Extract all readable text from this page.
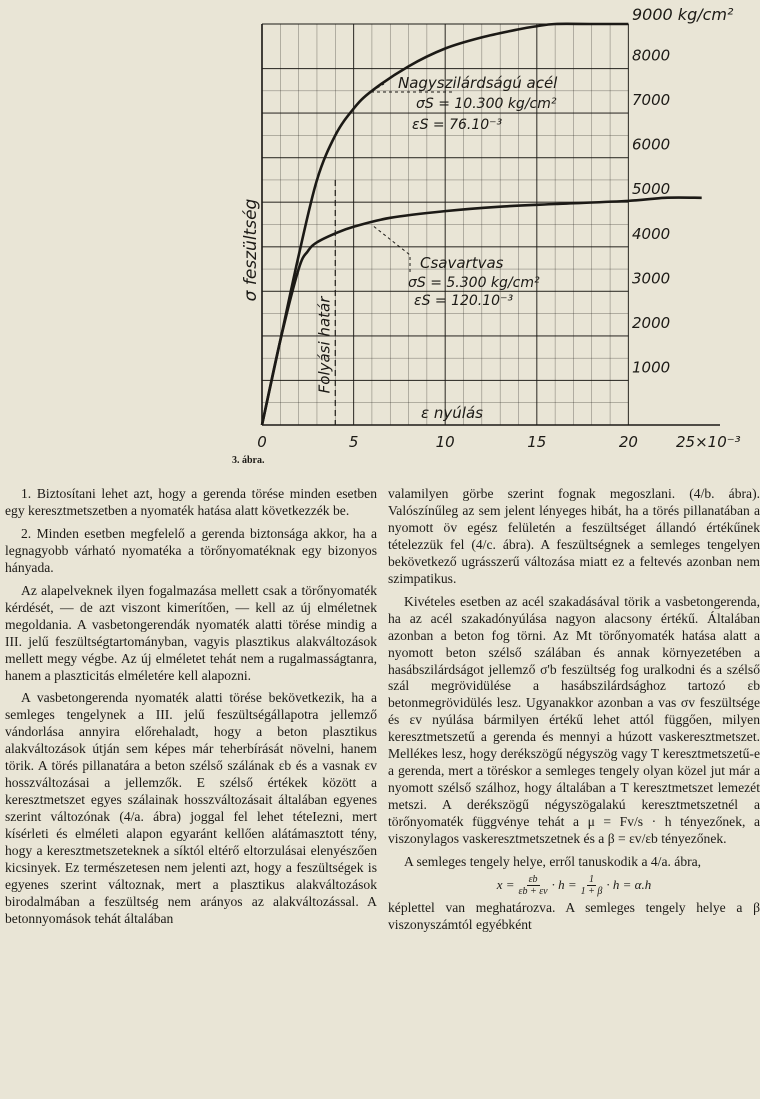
0	5	10	15	20	25×10⁻³
1000
2000
3000
4000
5000
6000
7000
8000
9000 kg/cm²
ε nyúlás
σ feszültség
Folyási határ
Nagyszilárdságú acél
σS = 10.300 kg/cm²
εS = 76.10⁻³
Csavartvas
σS = 5.300 kg/cm²
εS = 120.10⁻³
3. ábra.

1. Biztosítani lehet azt, hogy a gerenda törése minden esetben egy keresztmetszetben a nyomaték hatása alatt következzék be.

2. Minden esetben megfelelő a gerenda biztonsága akkor, ha a legnagyobb várható nyomatéka a törőnyomatéknak egy bizonyos hányada.

Az alapelveknek ilyen fogalmazása mellett csak a törőnyomaték kérdését, — de azt viszont kimerítően, — kell az új elméletnek megoldania. A vasbetongerendák nyomaték alatti törése mindig a III. jelű feszültségtartományban, vagyis plasztikus alakváltozások mellett megy végbe. Az új elméletet tehát nem a rugalmasságtanra, hanem a plaszticitás elméletére kell alapozni.

A vasbetongerenda nyomaték alatti törése bekövetkezik, ha a semleges tengelynek a III. jelű feszültségállapotra jellemző vándorlása annyira előrehaladt, hogy a beton plasztikus alakváltozások útján sem képes már teherbírását növelni, hanem törik. A törés pillanatára a beton szélső szálának εb és a vasnak εv hosszváltozásai a jellemzők. E szélső értékek között a keresztmetszet egyes szálainak hosszváltozásait általában egyenes szerint változónak (4/a. ábra) joggal fel lehet téteIezni, mert kísérleti és elméleti alapon egyaránt kellően alátámasztott tény, hogy a keresztmetszeteknek a síktól eltérő eltorzulásai elenyészően kicsinyek. Ez természetesen nem jelenti azt, hogy a feszültségek is egyenes szerint változnak, mert a plasztikus alakváltozások birodalmában a feszültség nem arányos az alakváltozással. A betonnyomások tehát általában

valamilyen görbe szerint fognak megoszlani. (4/b. ábra). Valószínűleg az sem jelent lényeges hibát, ha a törés pillanatában a nyomott öv egész felületén a feszültséget állandó értékűnek tételezzük fel (4/c. ábra). A feszültségnek a semleges tengelyen bekövetkező ugrásszerű változása miatt ez a feltevés azonban nem szimpatikus.

Kivételes esetben az acél szakadásával törik a vasbetongerenda, ha az acél szakadónyúlása nagyon alacsony értékű. Általában azonban a beton fog törni. Az Mt törőnyomaték hatása alatt a nyomott beton szélső szálában és annak környezetében a hasábszilárdságot jellemző σ'b feszültség fog uralkodni és a szélső szál megrövidülése a hasábszilárdsághoz tartozó εb betonmegrövidülés lesz. Ugyanakkor azonban a vas σv feszültsége és εv nyúlása bármilyen értékű lehet attól függően, milyen keresztmetszetű a gerenda és mennyi a húzott vaskeresztmetszet. Mellékes lesz, hogy derékszögű négyszög vagy T keresztmetszetű-e a gerenda, mert a töréskor a semleges tengely olyan közel jut már a nyomott szélső szálhoz, hogy általában a T keresztmetszet lemezét metszi. A derékszögű négyszögalakú keresztmetszetnél a törőnyomaték függvénye tehát a μ = Fv/s · h tényezőnek, a viszonylagos vaskeresztmetszetnek és a β = εv/εb tényezőnek.

A semleges tengely helye, erről tanuskodik a 4/a. ábra,

$x = \frac{\varepsilon b}{\varepsilon b + \varepsilon v} \cdot h = \frac{1}{1 + \beta} \cdot h = \alpha.h$

képlettel van meghatározva. A semleges tengely helye a β viszonyszámtól egyébként
